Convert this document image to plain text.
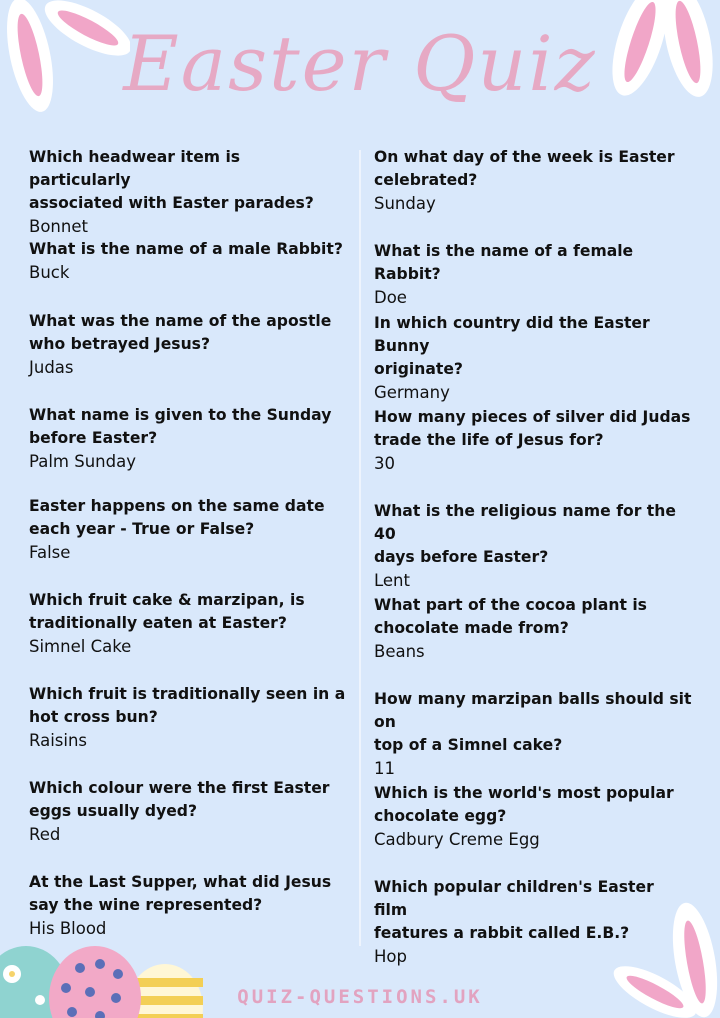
Easter Quiz

Which headwear item is particularly
associated with Easter parades?

Bonnet

What is the name of a male Rabbit?

Buck

What was the name of the apostle
who betrayed Jesus?

Judas

What name is given to the Sunday
before Easter?

Palm Sunday

Easter happens on the same date
each year - True or False?

False

Which fruit cake & marzipan, is
traditionally eaten at Easter?

Simnel Cake

Which fruit is traditionally seen in a
hot cross bun?

Raisins

Which colour were the first Easter
eggs usually dyed?

Red

At the Last Supper, what did Jesus
say the wine represented?

His Blood

On what day of the week is Easter
celebrated?

Sunday

What is the name of a female Rabbit?

Doe

In which country did the Easter Bunny
originate?

Germany

How many pieces of silver did Judas
trade the life of Jesus for?

30

What is the religious name for the 40
days before Easter?

Lent

What part of the cocoa plant is
chocolate made from?

Beans

How many marzipan balls should sit on
top of a Simnel cake?

11

Which is the world's most popular
chocolate egg?

Cadbury Creme Egg

Which popular children's Easter film
features a rabbit called E.B.?

Hop
QUIZ-QUESTIONS.UK
